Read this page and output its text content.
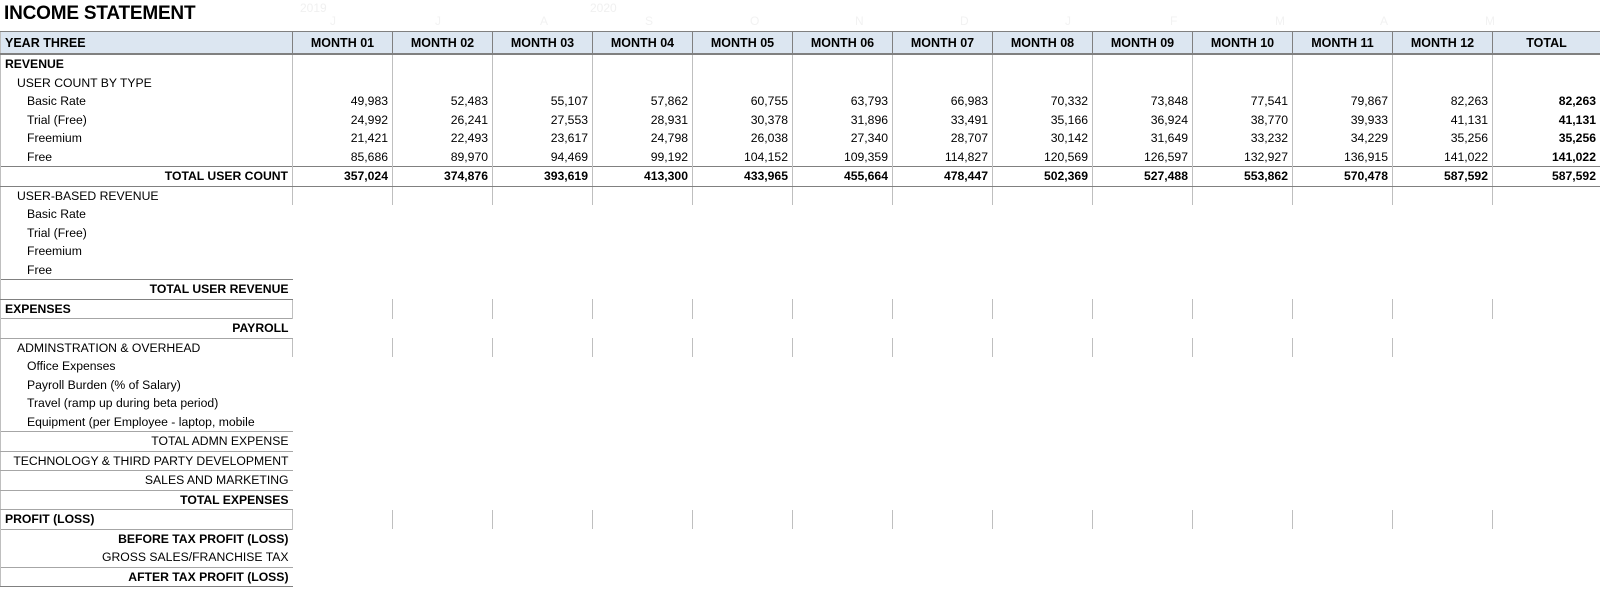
2019	2020
J	J	A	S	O	N	D	J	F	M	A	M
INCOME STATEMENT
YEAR THREE	MONTH 01	MONTH 02	MONTH 03	MONTH 04	MONTH 05	MONTH 06	MONTH 07	MONTH 08	MONTH 09	MONTH 10	MONTH 11	MONTH 12	TOTAL
REVENUE													
USER COUNT BY TYPE													
Basic Rate	49,983	52,483	55,107	57,862	60,755	63,793	66,983	70,332	73,848	77,541	79,867	82,263	82,263
Trial (Free)	24,992	26,241	27,553	28,931	30,378	31,896	33,491	35,166	36,924	38,770	39,933	41,131	41,131
Freemium	21,421	22,493	23,617	24,798	26,038	27,340	28,707	30,142	31,649	33,232	34,229	35,256	35,256
Free	85,686	89,970	94,469	99,192	104,152	109,359	114,827	120,569	126,597	132,927	136,915	141,022	141,022
TOTAL USER COUNT	357,024	374,876	393,619	413,300	433,965	455,664	478,447	502,369	527,488	553,862	570,478	587,592	587,592
USER-BASED REVENUE													
Basic Rate													
Trial (Free)													
Freemium													
Free													
TOTAL USER REVENUE													
EXPENSES													
PAYROLL													
ADMINSTRATION & OVERHEAD													
Office Expenses													
Payroll Burden (% of Salary)													
Travel (ramp up during beta period)													
Equipment (per Employee - laptop, mobile													
TOTAL ADMN EXPENSE													
TECHNOLOGY & THIRD PARTY DEVELOPMENT													
SALES AND MARKETING													
TOTAL EXPENSES													
PROFIT (LOSS)													
BEFORE TAX PROFIT (LOSS)													
GROSS SALES/FRANCHISE TAX													
AFTER TAX PROFIT (LOSS)													
